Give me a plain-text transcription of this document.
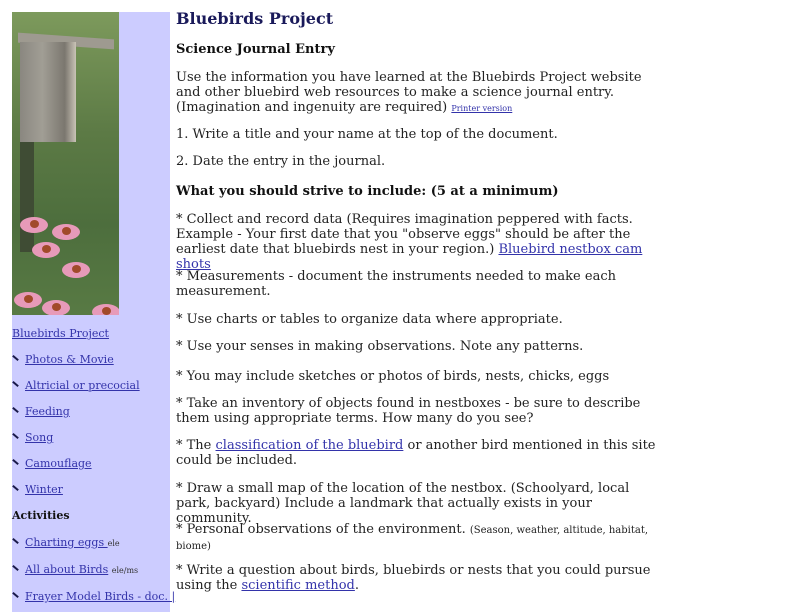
Bluebirds Project
Photos & Movie
Altricial or precocial
Feeding
Song
Camouflage
Winter
Activities
Charting eggs ele
All about Birds ele/ms
Frayer Model Birds - doc. |
Bluebirds Project
Science Journal Entry
Use the information you have learned at the Bluebirds Project website and other bluebird web resources to make a science journal entry. (Imagination and ingenuity are required) Printer version
1. Write a title and your name at the top of the document.
2. Date the entry in the journal.
What you should strive to include: (5 at a minimum)
* Collect and record data (Requires imagination peppered with facts. Example - Your first date that you "observe eggs" should be after the earliest date that bluebirds nest in your region.) Bluebird nestbox cam shots
* Measurements - document the instruments needed to make each measurement.
* Use charts or tables to organize data where appropriate.
* Use your senses in making observations. Note any patterns.
* You may include sketches or photos of birds, nests, chicks, eggs
* Take an inventory of objects found in nestboxes - be sure to describe them using appropriate terms. How many do you see?
* The classification of the bluebird or another bird mentioned in this site could be included.
* Draw a small map of the location of the nestbox. (Schoolyard, local park, backyard) Include a landmark that actually exists in your community.
* Personal observations of the environment. (Season, weather, altitude, habitat, biome)
* Write a question about birds, bluebirds or nests that you could pursue using the scientific method.
